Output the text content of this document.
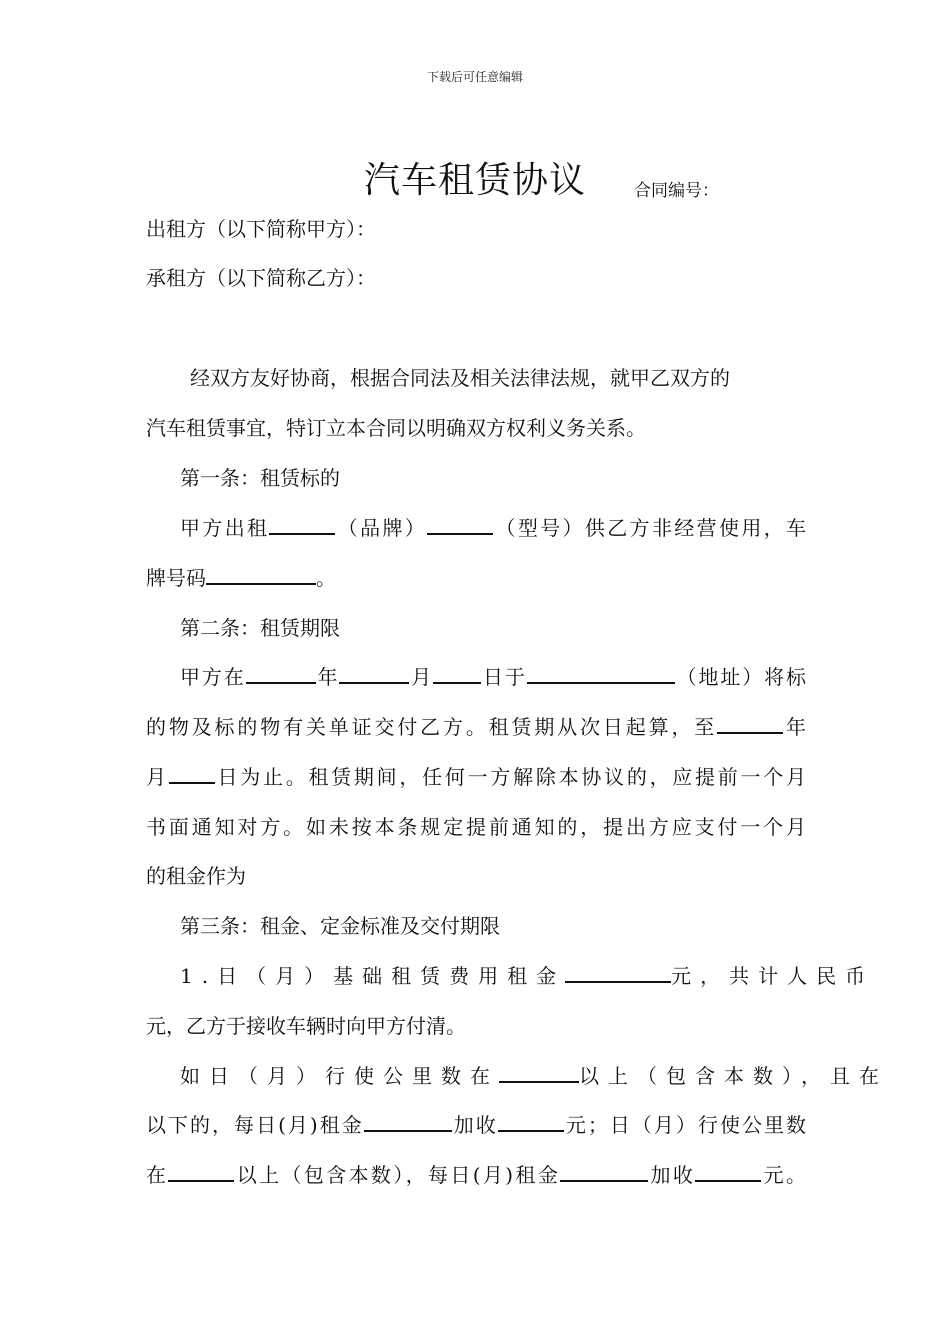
下载后可任意编辑
汽车租赁协议	合同编号：
出租方（以下简称甲方）：
承租方（以下简称乙方）：
经双方友好协商，根据合同法及相关法律法规，就甲乙双方的
汽车租赁事宜，特订立本合同以明确双方权利义务关系。
第一条：租赁标的
甲方出租	（品牌）	（型号）供乙方非经营使用，车
牌号码	。
第二条：租赁期限
甲方在	年	月 日于	（地址）将标
的物及标的物有关单证交付乙方。租赁期从次日起算，至	年
月 日为止。租赁期间，任何一方解除本协议的，应提前一个月
书面通知对方。如未按本条规定提前通知的，提出方应支付一个月
的租金作为
第三条：租金、定金标准及交付期限
1.日（月）基础租赁费用租金	元，共计人民币
元，乙方于接收车辆时向甲方付清。
如日（月）行使公里数在	以上（包含本数），且在
以下的，每日(月)租金	加收	元；日（月）行使公里数
在	以上（包含本数），每日(月)租金	加收	元。
